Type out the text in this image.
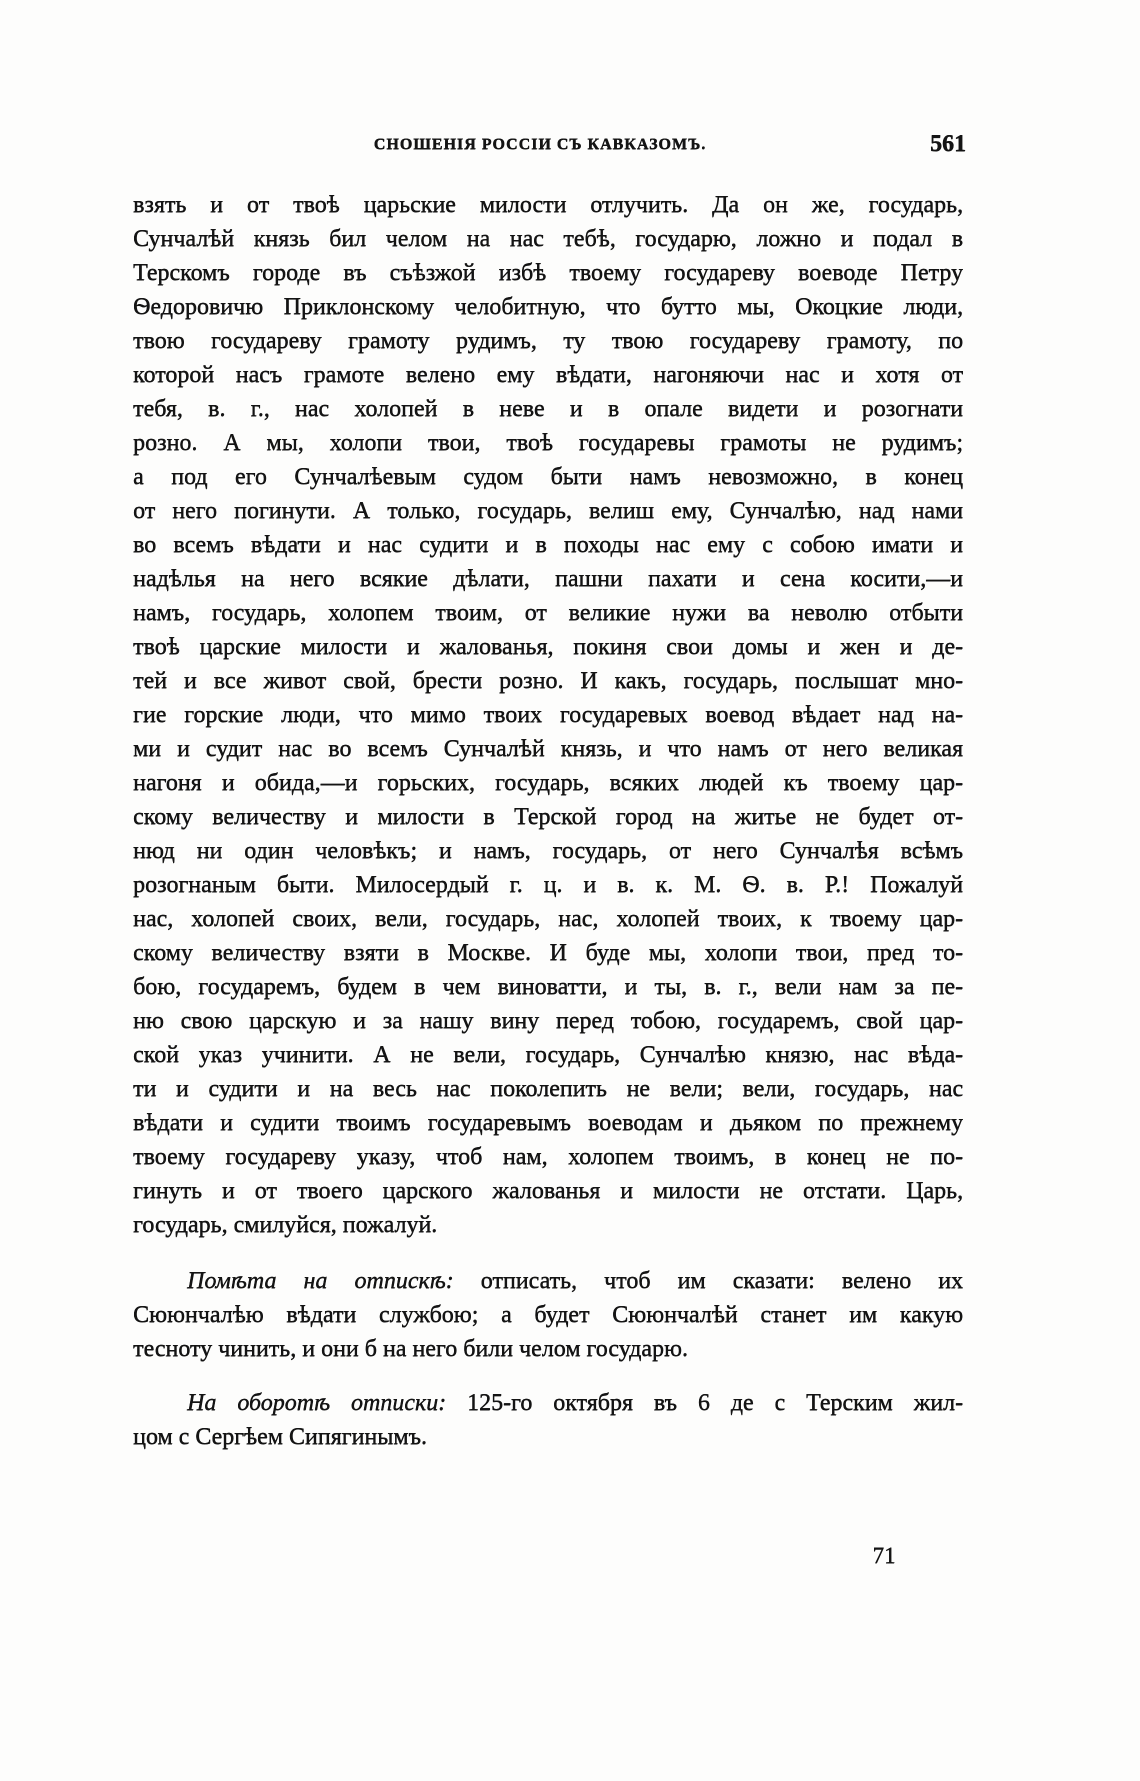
СНОШЕНІЯ РОССІИ СЪ КАВКАЗОМЪ.	561
взять и от твоѣ царьские милости отлучить. Да он же, государь,
Сунчалѣй князь бил челом на нас тебѣ, государю, ложно и подал в
Терскомъ городе въ съѣзжой избѣ твоему государеву воеводе Петру
Ѳедоровичю Приклонскому челобитную, что бутто мы, Окоцкие люди,
твою государеву грамоту рудимъ, ту твою государеву грамоту, по
которой насъ грамоте велено ему вѣдати, нагоняючи нас и хотя от
тебя, в. г., нас холопей в неве и в опале видети и розогнати
розно. А мы, холопи твои, твоѣ государевы грамоты не рудимъ;
а под его Сунчалѣевым судом быти намъ невозможно, в конец
от него погинути. А только, государь, велиш ему, Сунчалѣю, над нами
во всемъ вѣдати и нас судити и в походы нас ему с собою имати и
надѣлья на него всякие дѣлати, пашни пахати и сена косити,—и
намъ, государь, холопем твоим, от великие нужи ва неволю отбыти
твоѣ царские милости и жалованья, покиня свои домы и жен и де-
тей и все живот свой, брести розно. И какъ, государь, послышат мно-
гие горские люди, что мимо твоих государевых воевод вѣдает над на-
ми и судит нас во всемъ Сунчалѣй князь, и что намъ от него великая
нагоня и обида,—и горьских, государь, всяких людей къ твоему цар-
скому величеству и милости в Терской город на житье не будет от-
нюд ни один человѣкъ; и намъ, государь, от него Сунчалѣя всѣмъ
розогнаным быти. Милосердый г. ц. и в. к. М. Ѳ. в. Р.! Пожалуй
нас, холопей своих, вели, государь, нас, холопей твоих, к твоему цар-
скому величеству взяти в Москве. И буде мы, холопи твои, пред то-
бою, государемъ, будем в чем виноватти, и ты, в. г., вели нам за пе-
ню свою царскую и за нашу вину перед тобою, государемъ, свой цар-
ской указ учинити. А не вели, государь, Сунчалѣю князю, нас вѣда-
ти и судити и на весь нас поколепить не вели; вели, государь, нас
вѣдати и судити твоимъ государевымъ воеводам и дьяком по прежнему
твоему государеву указу, чтоб нам, холопем твоимъ, в конец не по-
гинуть и от твоего царского жалованья и милости не отстати. Царь,
государь, смилуйся, пожалуй.
Помѣта на отпискѣ: отписать, чтоб им сказати: велено их
Сююнчалѣю вѣдати службою; а будет Сююнчалѣй станет им какую
тесноту чинить, и они б на него били челом государю.
На оборотѣ отписки: 125-го октября въ 6 де с Терским жил-
цом с Сергѣем Сипягинымъ.
71
